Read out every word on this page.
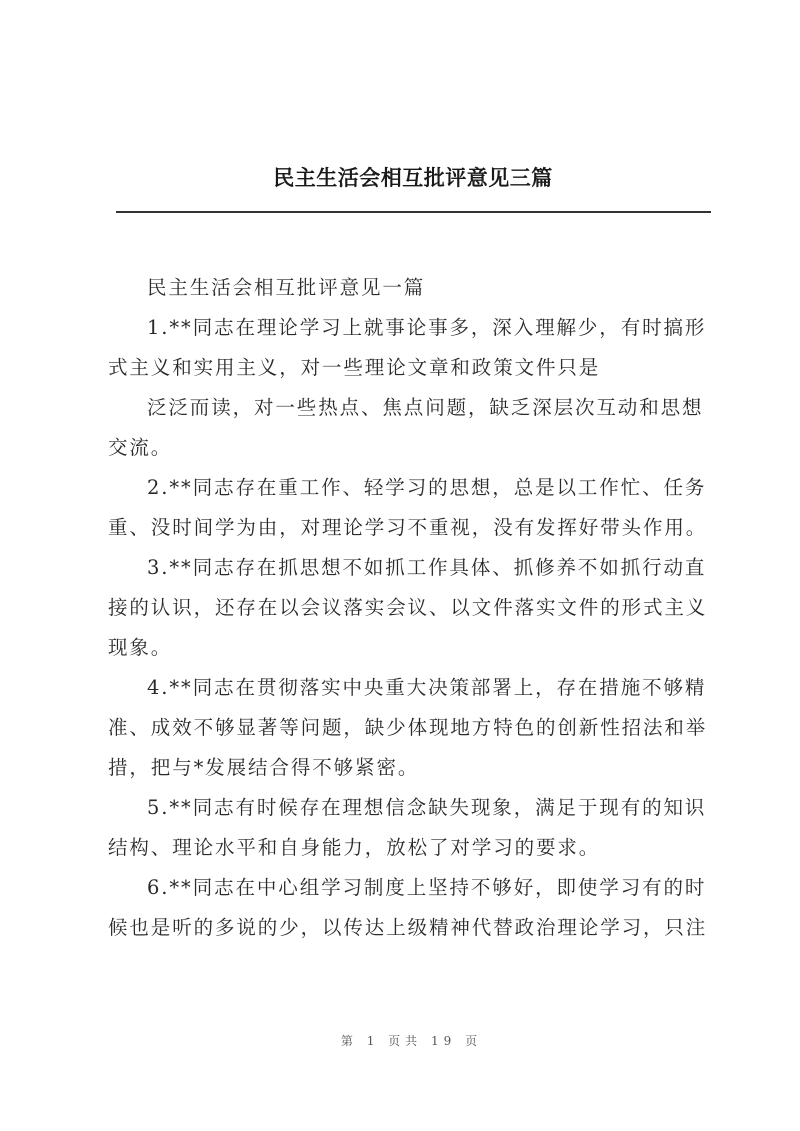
民主生活会相互批评意见三篇
民主生活会相互批评意见一篇
1.**同志在理论学习上就事论事多，深入理解少，有时搞形
式主义和实用主义，对一些理论文章和政策文件只是
泛泛而读，对一些热点、焦点问题，缺乏深层次互动和思想
交流。
2.**同志存在重工作、轻学习的思想，总是以工作忙、任务
重、没时间学为由，对理论学习不重视，没有发挥好带头作用。
3.**同志存在抓思想不如抓工作具体、抓修养不如抓行动直
接的认识，还存在以会议落实会议、以文件落实文件的形式主义
现象。
4.**同志在贯彻落实中央重大决策部署上，存在措施不够精
准、成效不够显著等问题，缺少体现地方特色的创新性招法和举
措，把与*发展结合得不够紧密。
5.**同志有时候存在理想信念缺失现象，满足于现有的知识
结构、理论水平和自身能力，放松了对学习的要求。
6.**同志在中心组学习制度上坚持不够好，即使学习有的时
候也是听的多说的少，以传达上级精神代替政治理论学习，只注
第 1 页共 19 页
